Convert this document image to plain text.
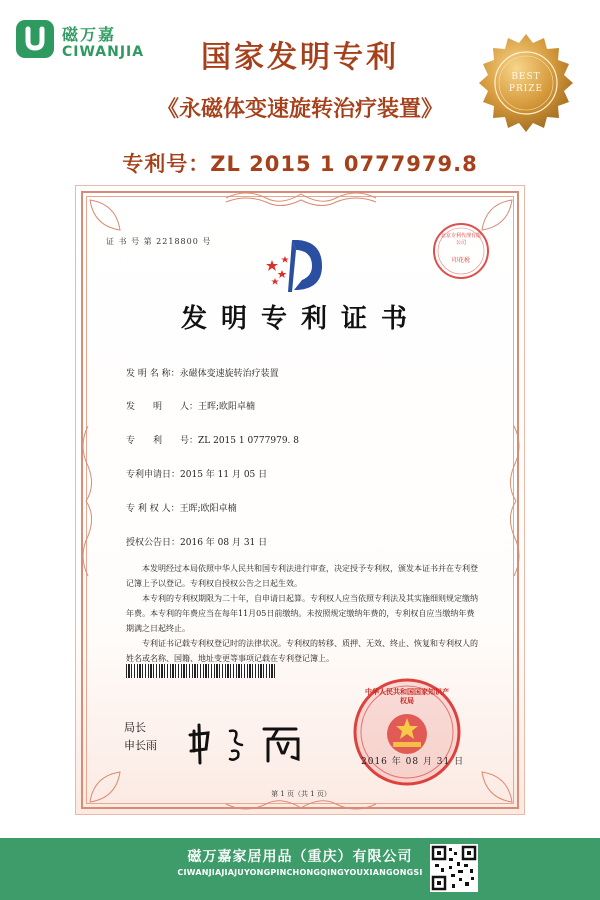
磁万嘉
CIWANJIA	国家发明专利
《永磁体变速旋转治疗装置》
专利号：ZL 2015 1 0777979.8
BEST
PRIZE
证 书 号 第 2218800 号
北京专利代理有限公司
印花税
发明专利证书
发 明 名 称：永磁体变速旋转治疗装置
发　　明　　人：王晖;欧阳卓楠
专　　利　　号：ZL 2015 1 0777979. 8
专利申请日：2015 年 11 月 05 日
专 利 权 人：王晖;欧阳卓楠
授权公告日：2016 年 08 月 31 日

本发明经过本局依照中华人民共和国专利法进行审查，决定授予专利权，颁发本证书并在专利登记簿上予以登记。专利权自授权公告之日起生效。

本专利的专利权期限为二十年，自申请日起算。专利权人应当依照专利法及其实施细则规定缴纳年费。本专利的年费应当在每年11月05日前缴纳。未按照规定缴纳年费的，专利权自应当缴纳年费期满之日起终止。

专利证书记载专利权登记时的法律状况。专利权的转移、质押、无效、终止、恢复和专利权人的姓名或名称、国籍、地址变更等事项记载在专利登记簿上。

局长
申长雨
中华人民共和国国家知识产权局
2016 年 08 月 31 日
第 1 页（共 1 页）
磁万嘉家居用品（重庆）有限公司
CIWANJIAJIAJUYONGPINCHONGQINGYOUXIANGONGSI
